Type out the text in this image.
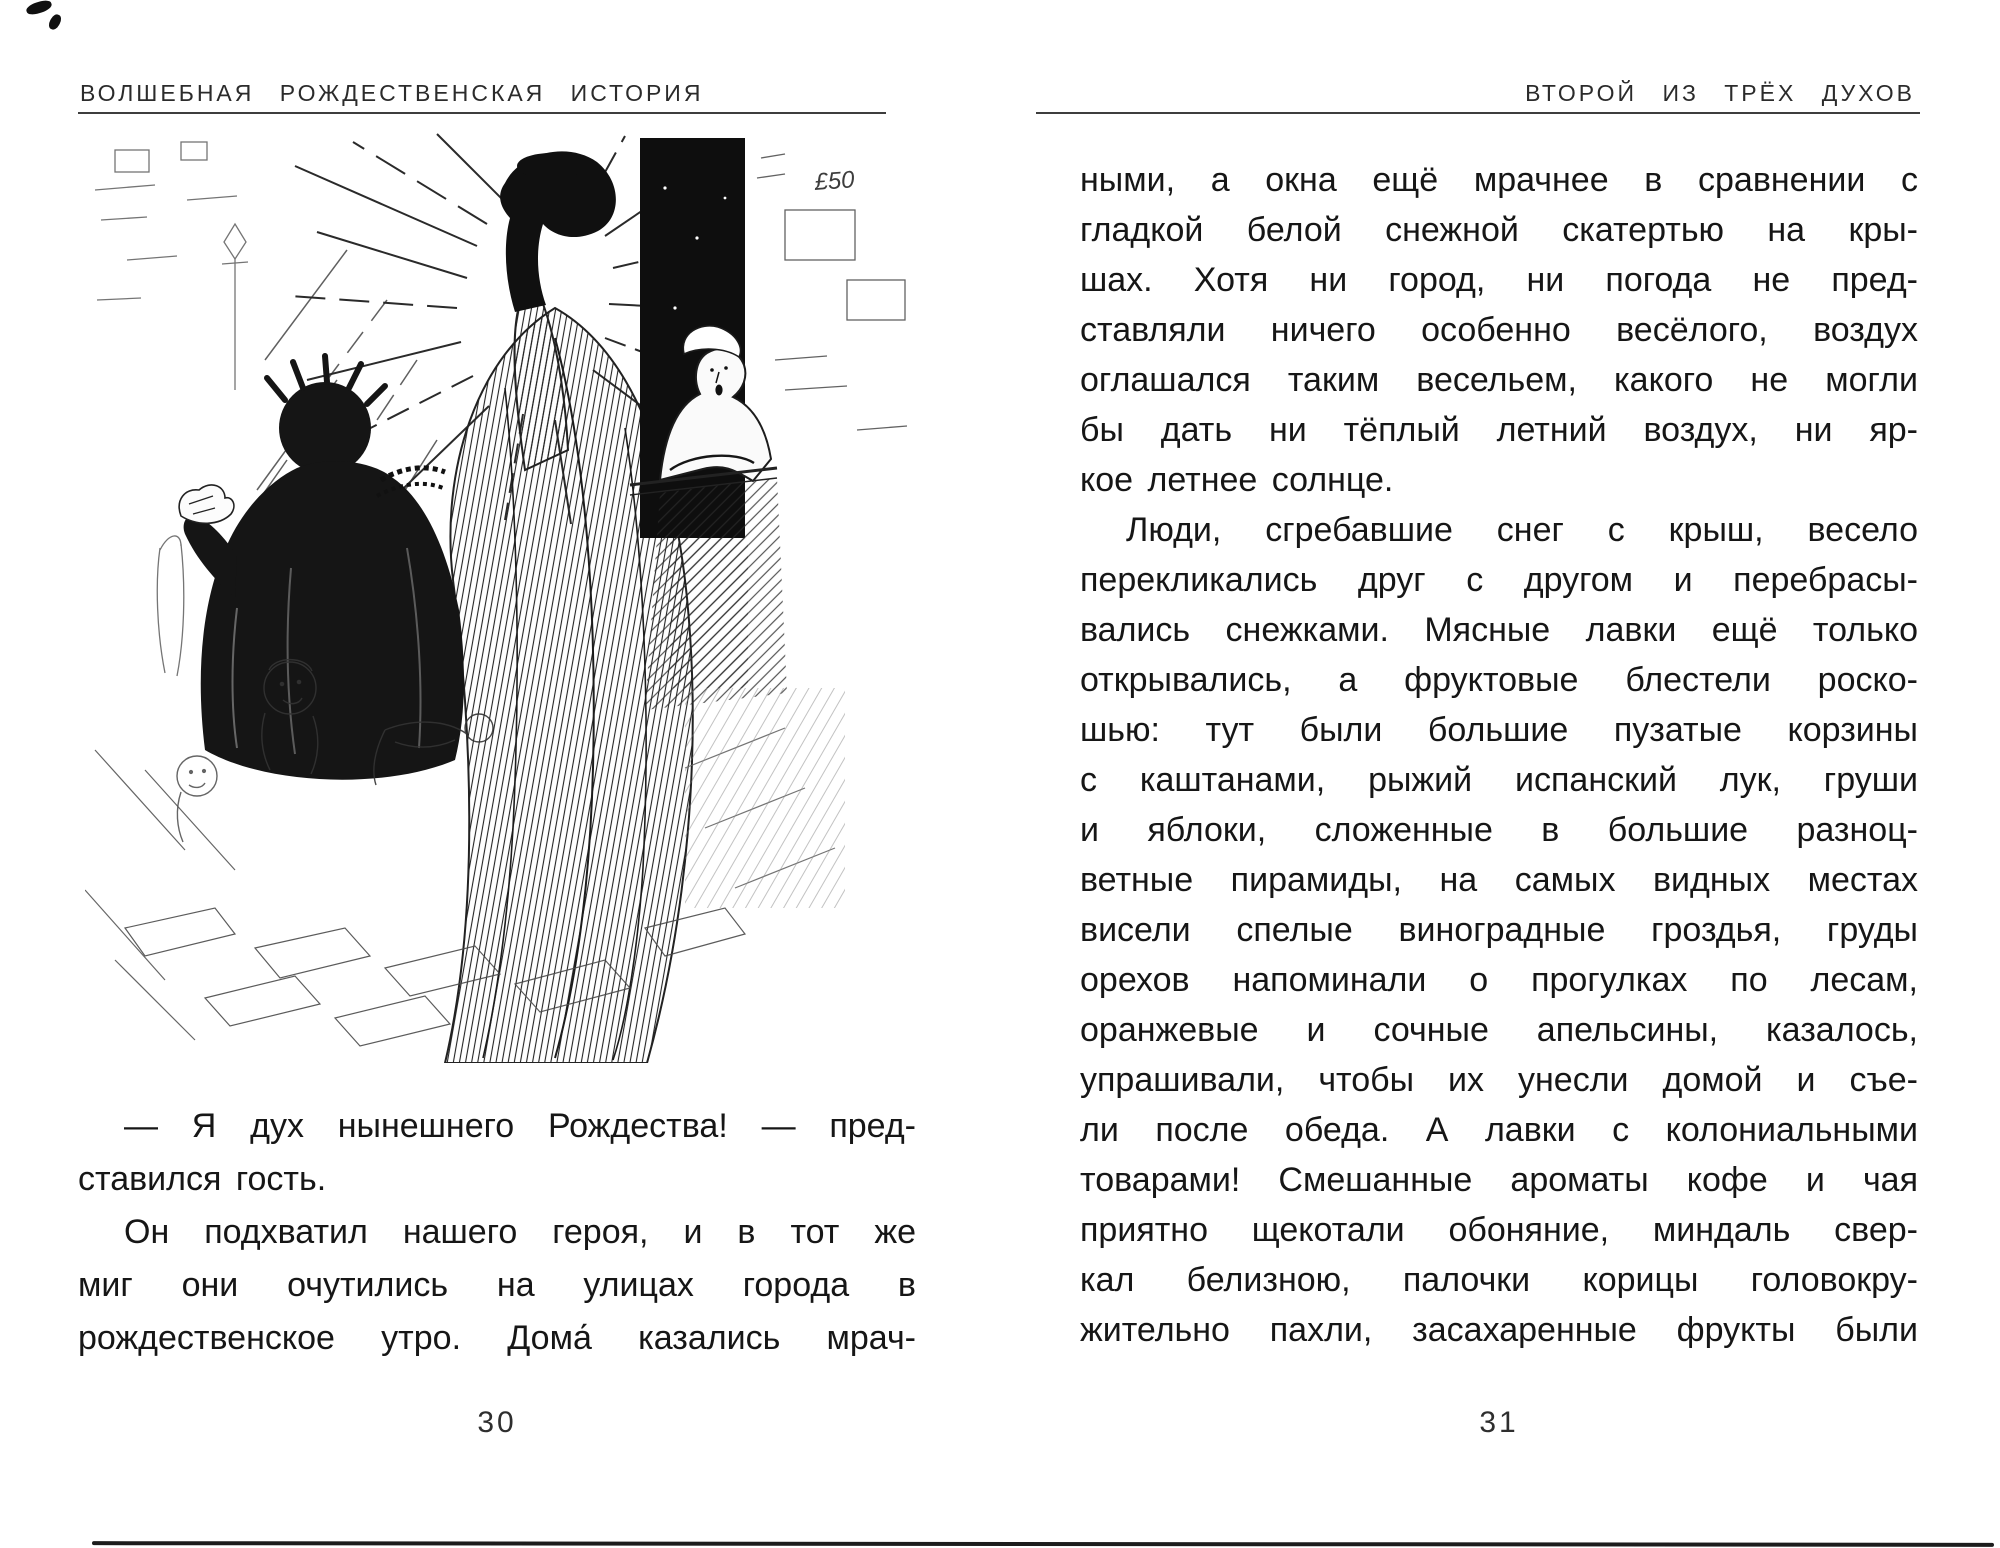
ВОЛШЕБНАЯ РОЖДЕСТВЕНСКАЯ ИСТОРИЯ	ВТОРОЙ ИЗ ТРЁХ ДУХОВ
£50
— Я дух нынешнего Рождества! — пред-
ставился гость.
Он подхватил нашего героя, и в тот же
миг они очутились на улицах города в
рождественское утро. Дома́ казались мрач-
ными, а окна ещё мрачнее в сравнении с
гладкой белой снежной скатертью на кры-
шах. Хотя ни город, ни погода не пред-
ставляли ничего особенно весёлого, воздух
оглашался таким весельем, какого не могли
бы дать ни тёплый летний воздух, ни яр-
кое летнее солнце.
Люди, сгребавшие снег с крыш, весело
перекликались друг с другом и перебрасы-
вались снежками. Мясные лавки ещё только
открывались, а фруктовые блестели роско-
шью: тут были большие пузатые корзины
с каштанами, рыжий испанский лук, груши
и яблоки, сложенные в большие разноц-
ветные пирамиды, на самых видных местах
висели спелые виноградные гроздья, груды
орехов напоминали о прогулках по лесам,
оранжевые и сочные апельсины, казалось,
упрашивали, чтобы их унесли домой и съе-
ли после обеда. А лавки с колониальными
товарами! Смешанные ароматы кофе и чая
приятно щекотали обоняние, миндаль свер-
кал белизною, палочки корицы головокру-
жительно пахли, засахаренные фрукты были
30	31
